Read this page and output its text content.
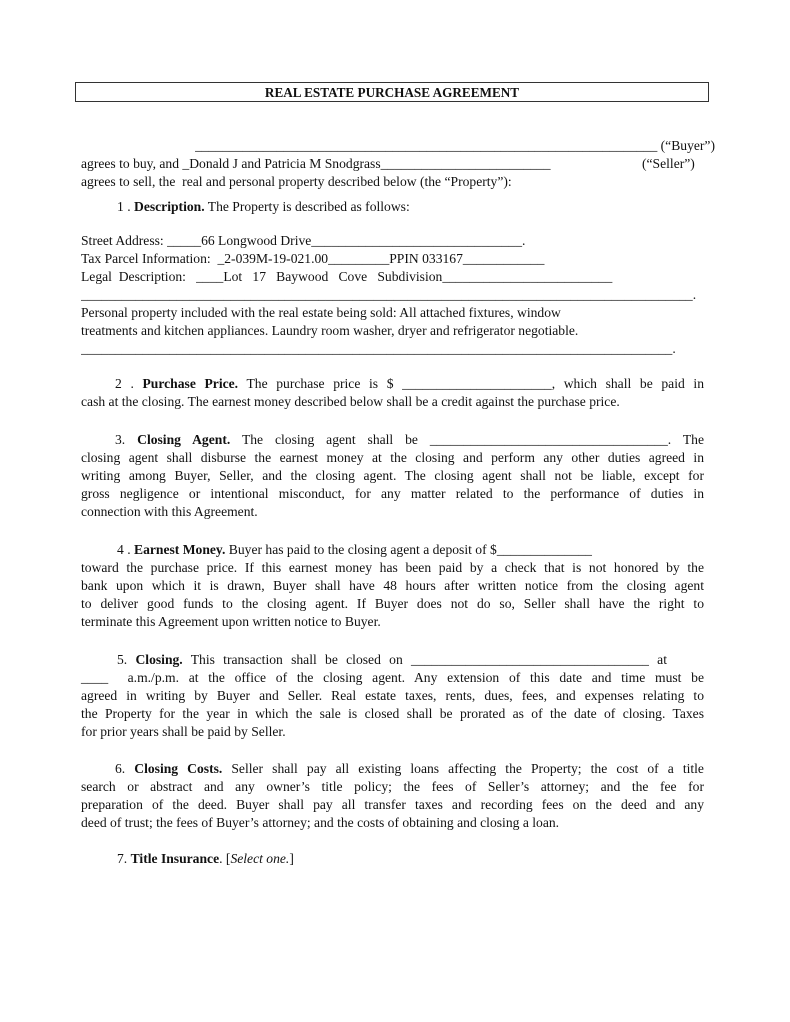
REAL ESTATE PURCHASE AGREEMENT
____________________________________________________________________ (“Buyer”)
agrees to buy, and _Donald J and Patricia M Snodgrass_________________________	(“Seller”)
agrees to sell, the  real and personal property described below (the “Property”):
1 . Description. The Property is described as follows:
Street Address: _____66 Longwood Drive_______________________________.
Tax Parcel Information:  _2-039M-19-021.00_________PPIN 033167____________
Legal  Description:   ____Lot   17   Baywood   Cove   Subdivision_________________________
__________________________________________________________________________________________.
Personal property included with the real estate being sold: All attached fixtures, window
treatments and kitchen appliances. Laundry room washer, dryer and refrigerator negotiable.
_______________________________________________________________________________________.
2 . Purchase Price. The purchase price is $ ______________________, which shall be paid in
cash at the closing. The earnest money described below shall be a credit against the purchase price.
3. Closing Agent. The closing agent shall be ___________________________________. The
closing agent shall disburse the earnest money at the closing and perform any other duties agreed in
writing among Buyer, Seller, and the closing agent. The closing agent shall not be liable, except for
gross negligence or intentional misconduct, for any matter related to the performance of duties in
connection with this Agreement.
4 . Earnest Money. Buyer has paid to the closing agent a deposit of $______________
toward the purchase price. If this earnest money has been paid by a check that is not honored by the
bank upon which it is drawn, Buyer shall have 48 hours after written notice from the closing agent
to deliver good funds to the closing agent. If Buyer does not do so, Seller shall have the right to
terminate this Agreement upon written notice to Buyer.
5. Closing. This transaction shall be closed on ___________________________________ at
____  a.m./p.m. at the office of the closing agent. Any extension of this date and time must be
agreed in writing by Buyer and Seller. Real estate taxes, rents, dues, fees, and expenses relating to
the Property for the year in which the sale is closed shall be prorated as of the date of closing. Taxes
for prior years shall be paid by Seller.
6. Closing Costs. Seller shall pay all existing loans affecting the Property; the cost of a title
search or abstract and any owner’s title policy; the fees of Seller’s attorney; and the fee for
preparation of the deed. Buyer shall pay all transfer taxes and recording fees on the deed and any
deed of trust; the fees of Buyer’s attorney; and the costs of obtaining and closing a loan.
7. Title Insurance. [Select one.]
